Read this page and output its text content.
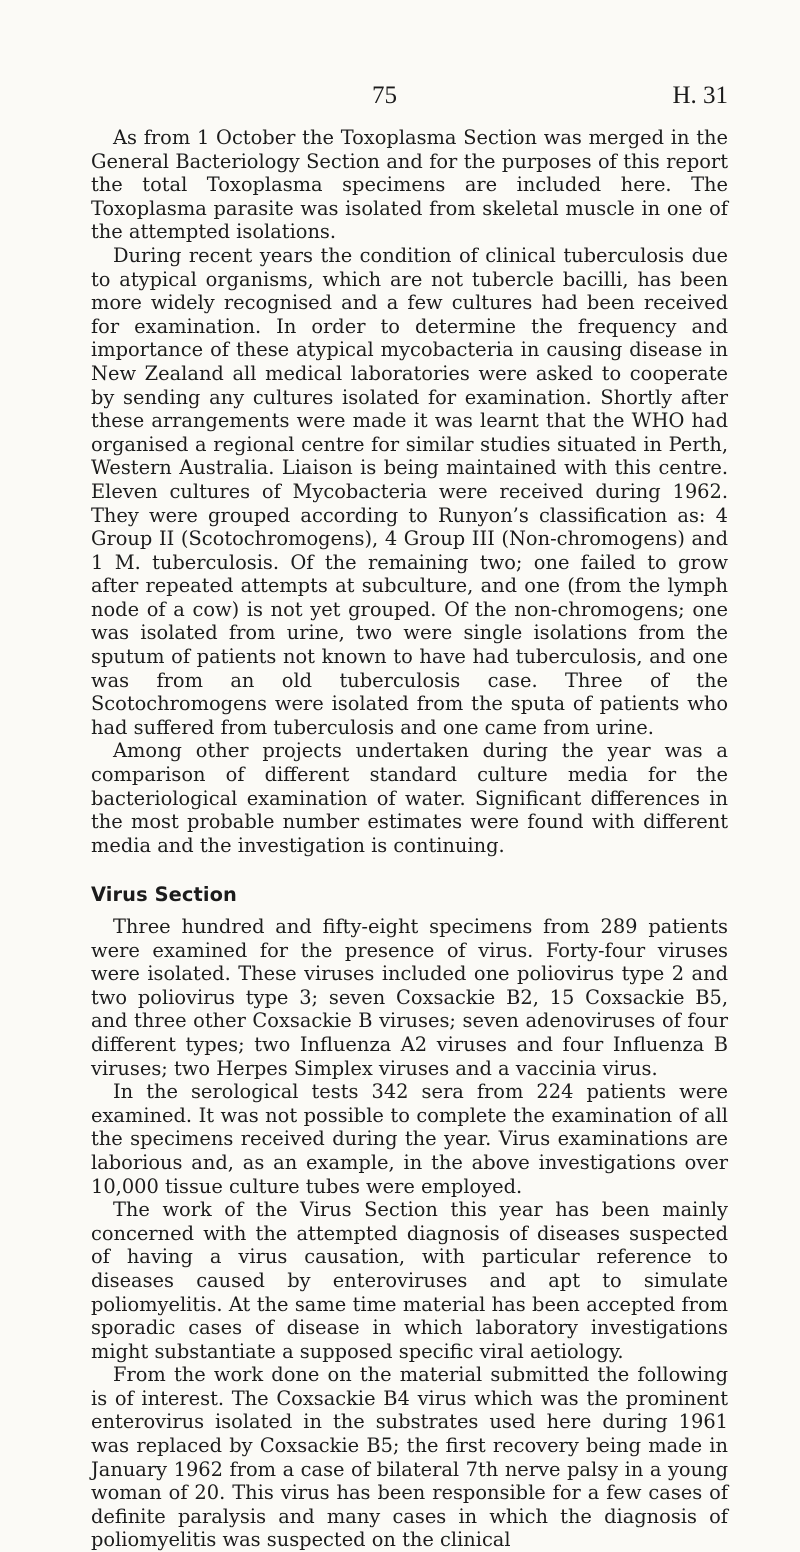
75	H. 31

As from 1 October the Toxoplasma Section was merged in the General Bacteriology Section and for the purposes of this report the total Toxoplasma specimens are included here. The Toxoplasma parasite was isolated from skeletal muscle in one of the attempted isolations.

During recent years the condition of clinical tuberculosis due to atypical organisms, which are not tubercle bacilli, has been more widely recognised and a few cultures had been received for examination. In order to determine the frequency and importance of these atypical mycobacteria in causing disease in New Zealand all medical laboratories were asked to cooperate by sending any cultures isolated for examination. Shortly after these arrangements were made it was learnt that the WHO had organised a regional centre for similar studies situated in Perth, Western Australia. Liaison is being maintained with this centre. Eleven cultures of Mycobacteria were received during 1962. They were grouped according to Runyon’s classification as: 4 Group II (Scotochromogens), 4 Group III (Non-chromogens) and 1 M. tuberculosis. Of the remaining two; one failed to grow after repeated attempts at subculture, and one (from the lymph node of a cow) is not yet grouped. Of the non-chromogens; one was isolated from urine, two were single isolations from the sputum of patients not known to have had tuberculosis, and one was from an old tuberculosis case. Three of the Scotochromogens were isolated from the sputa of patients who had suffered from tuberculosis and one came from urine.

Among other projects undertaken during the year was a comparison of different standard culture media for the bacteriological examination of water. Significant differences in the most probable number estimates were found with different media and the investigation is continuing.

Virus Section

Three hundred and fifty-eight specimens from 289 patients were examined for the presence of virus. Forty-four viruses were isolated. These viruses included one poliovirus type 2 and two poliovirus type 3; seven Coxsackie B2, 15 Coxsackie B5, and three other Coxsackie B viruses; seven adenoviruses of four different types; two Influenza A2 viruses and four Influenza B viruses; two Herpes Simplex viruses and a vaccinia virus.

In the serological tests 342 sera from 224 patients were examined. It was not possible to complete the examination of all the specimens received during the year. Virus examinations are laborious and, as an example, in the above investigations over 10,000 tissue culture tubes were employed.

The work of the Virus Section this year has been mainly concerned with the attempted diagnosis of diseases suspected of having a virus causation, with particular reference to diseases caused by enteroviruses and apt to simulate poliomyelitis. At the same time material has been accepted from sporadic cases of disease in which laboratory investigations might substantiate a supposed specific viral aetiology.

From the work done on the material submitted the following is of interest. The Coxsackie B4 virus which was the prominent enterovirus isolated in the substrates used here during 1961 was replaced by Coxsackie B5; the first recovery being made in January 1962 from a case of bilateral 7th nerve palsy in a young woman of 20. This virus has been responsible for a few cases of definite paralysis and many cases in which the diagnosis of poliomyelitis was suspected on the clinical
